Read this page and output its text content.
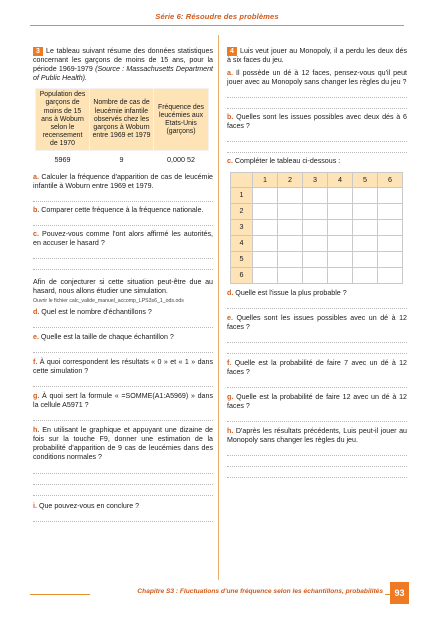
Série 6: Résoudre des problèmes

3 Le tableau suivant résume des données statistiques concernant les garçons de moins de 15 ans, pour la période 1969-1979 (Source : Massachusetts Department of Public Health).

Population des garçons de moins de 15 ans à Woburn selon le recensement de 1970	Nombre de cas de leucémie infantile observés chez les garçons à Woburn entre 1969 et 1979	Fréquence des leucémies aux Etats-Unis (garçons)
5969	9	0,000 52

a. Calculer la fréquence d'apparition de cas de leucémie infantile à Woburn entre 1969 et 1979.

b. Comparer cette fréquence à la fréquence nationale.

c. Pouvez-vous comme l'ont alors affirmé les autorités, en accuser le hasard ?

Afin de conjecturer si cette situation peut-être due au hasard, nous allons étudier une simulation.

Ouvrir le fichier calc_valide_manuel_accomp_LPS3s6_1_ods.ods

d. Quel est le nombre d'échantillons ?

e. Quelle est la taille de chaque échantillon ?

f. À quoi correspondent les résultats « 0 » et « 1 » dans cette simulation ?

g. À quoi sert la formule « =SOMME(A1:A5969) » dans la cellule A5971 ?

h. En utilisant le graphique et appuyant une dizaine de fois sur la touche F9, donner une estimation de la probabilité d'apparition de 9 cas de leucémies dans des conditions normales ?

i. Que pouvez-vous en conclure ?

4 Luis veut jouer au Monopoly, il a perdu les deux dés à six faces du jeu.

a. Il possède un dé à 12 faces, pensez-vous qu'il peut jouer avec au Monopoly sans changer les règles du jeu ?

b. Quelles sont les issues possibles avec deux dés à 6 faces ?

c. Compléter le tableau ci-dessous :

	1	2	3	4	5	6
1						
2						
3						
4						
5						
6						

d. Quelle est l'issue la plus probable ?

e. Quelles sont les issues possibles avec un dé à 12 faces ?

f. Quelle est la probabilité de faire 7 avec un dé à 12 faces ?

g. Quelle est la probabilité de faire 12 avec un dé à 12 faces ?

h. D'après les résultats précédents, Luis peut-il jouer au Monopoly sans changer les règles du jeu.

Chapitre S3 : Fluctuations d'une fréquence selon les échantillons, probabilités	93
